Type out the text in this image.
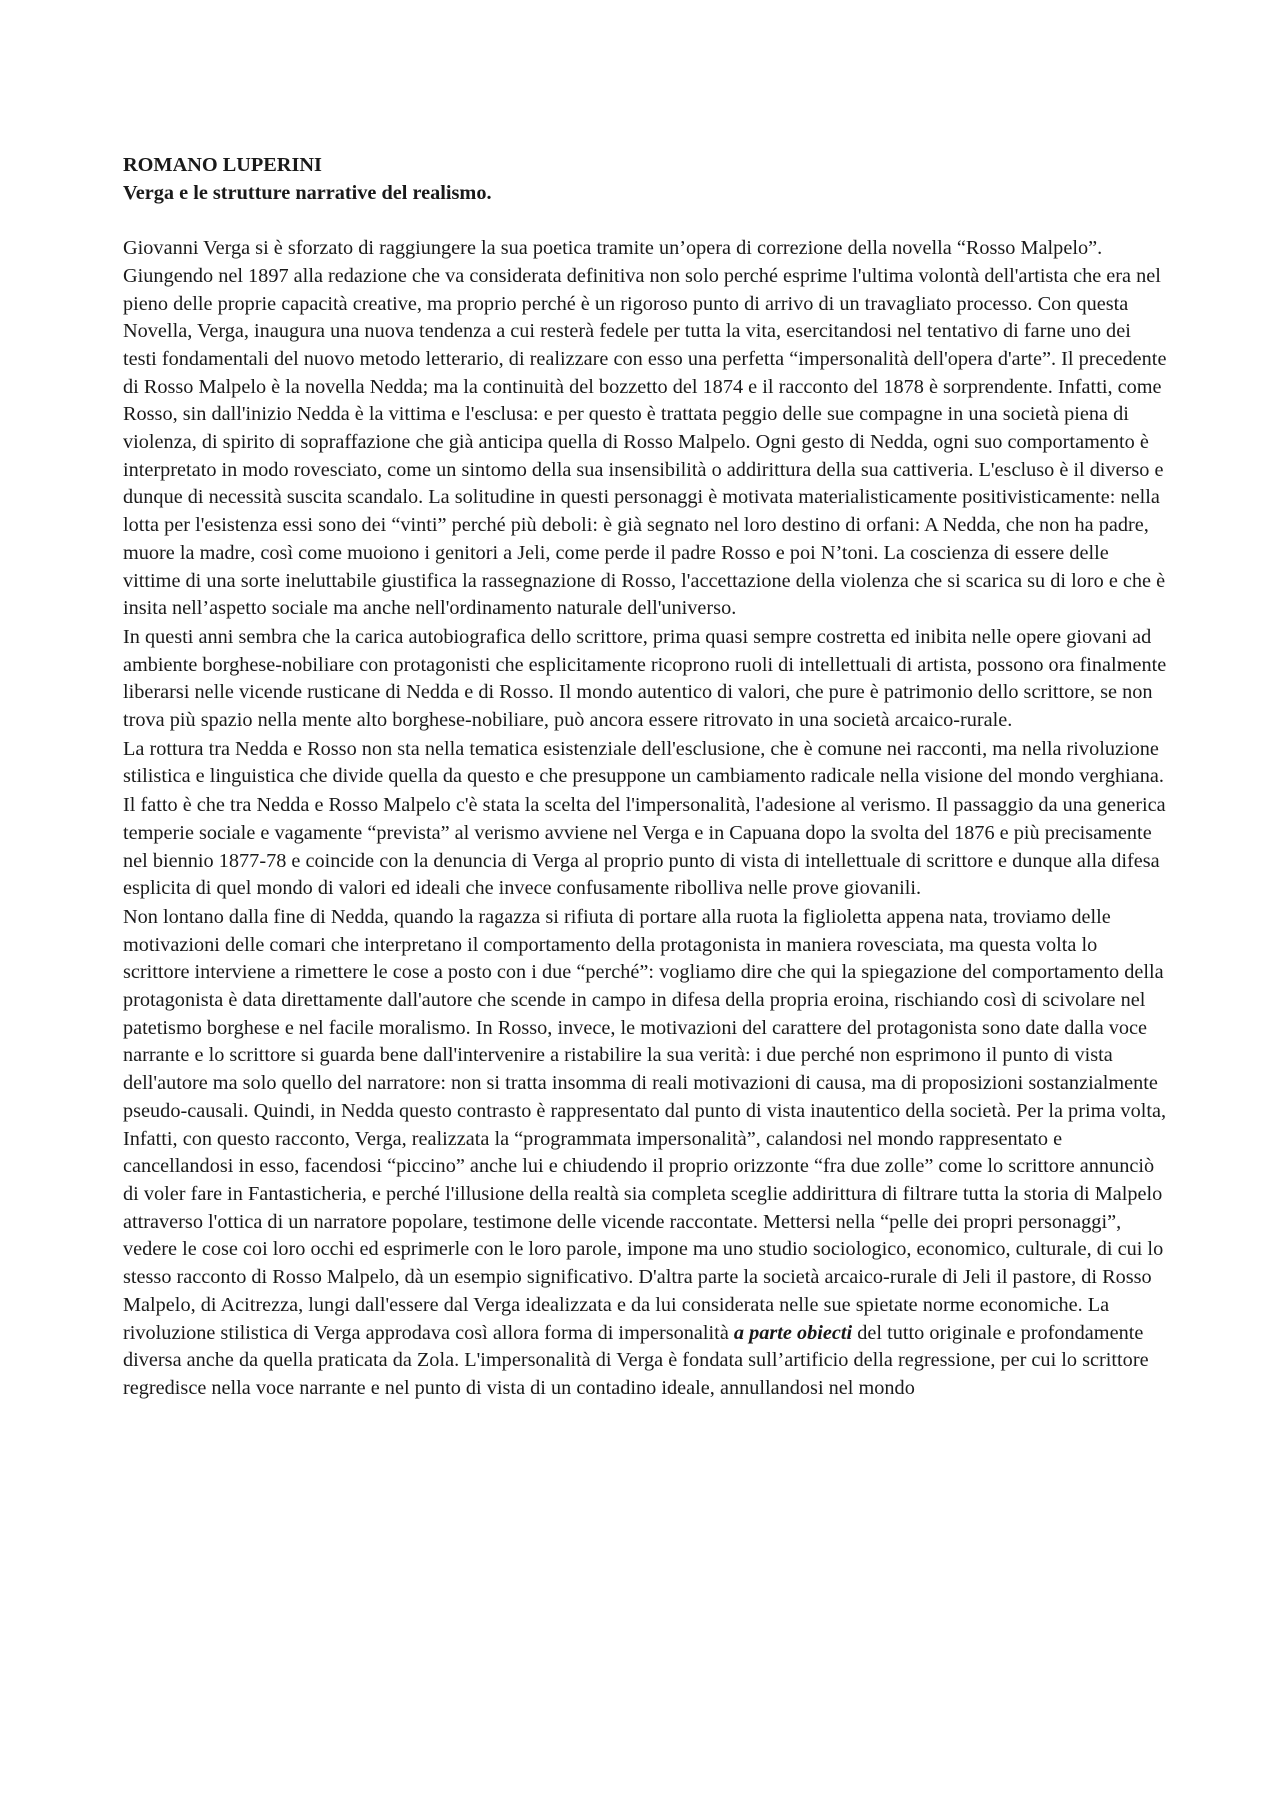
ROMANO LUPERINI

Verga e le strutture narrative del realismo.

Giovanni Verga si è sforzato di raggiungere la sua poetica tramite un’opera di correzione della novella “Rosso Malpelo”. Giungendo nel 1897 alla redazione che va considerata definitiva non solo perché esprime l'ultima volontà dell'artista che era nel pieno delle proprie capacità creative, ma proprio perché è un rigoroso punto di arrivo di un travagliato processo. Con questa Novella, Verga, inaugura una nuova tendenza a cui resterà fedele per tutta la vita, esercitandosi nel tentativo di farne uno dei testi fondamentali del nuovo metodo letterario, di realizzare con esso una perfetta “impersonalità dell'opera d'arte”. Il precedente di Rosso Malpelo è la novella Nedda; ma la continuità del bozzetto del 1874 e il racconto del 1878 è sorprendente. Infatti, come Rosso, sin dall'inizio Nedda è la vittima e l'esclusa: e per questo è trattata peggio delle sue compagne in una società piena di violenza, di spirito di sopraffazione che già anticipa quella di Rosso Malpelo. Ogni gesto di Nedda, ogni suo comportamento è interpretato in modo rovesciato, come un sintomo della sua insensibilità o addirittura della sua cattiveria. L'escluso è il diverso e dunque di necessità suscita scandalo. La solitudine in questi personaggi è motivata materialisticamente positivisticamente: nella lotta per l'esistenza essi sono dei “vinti” perché più deboli: è già segnato nel loro destino di orfani: A Nedda, che non ha padre, muore la madre, così come muoiono i genitori a Jeli, come perde il padre Rosso e poi N’toni. La coscienza di essere delle vittime di una sorte ineluttabile giustifica la rassegnazione di Rosso, l'accettazione della violenza che si scarica su di loro e che è insita nell’aspetto sociale ma anche nell'ordinamento naturale dell'universo.

In questi anni sembra che la carica autobiografica dello scrittore, prima quasi sempre costretta ed inibita nelle opere giovani ad ambiente borghese-nobiliare con protagonisti che esplicitamente ricoprono ruoli di intellettuali di artista, possono ora finalmente liberarsi nelle vicende rusticane di Nedda e di Rosso. Il mondo autentico di valori, che pure è patrimonio dello scrittore, se non trova più spazio nella mente alto borghese-nobiliare, può ancora essere ritrovato in una società arcaico-rurale.

La rottura tra Nedda e Rosso non sta nella tematica esistenziale dell'esclusione, che è comune nei racconti, ma nella rivoluzione stilistica e linguistica che divide quella da questo e che presuppone un cambiamento radicale nella visione del mondo verghiana.

Il fatto è che tra Nedda e Rosso Malpelo c'è stata la scelta del l'impersonalità, l'adesione al verismo. Il passaggio da una generica temperie sociale e vagamente “prevista” al verismo avviene nel Verga e in Capuana dopo la svolta del 1876 e più precisamente nel biennio 1877-78 e coincide con la denuncia di Verga al proprio punto di vista di intellettuale di scrittore e dunque alla difesa esplicita di quel mondo di valori ed ideali che invece confusamente ribolliva nelle prove giovanili.

Non lontano dalla fine di Nedda, quando la ragazza si rifiuta di portare alla ruota la figlioletta appena nata, troviamo delle motivazioni delle comari che interpretano il comportamento della protagonista in maniera rovesciata, ma questa volta lo scrittore interviene a rimettere le cose a posto con i due “perché”: vogliamo dire che qui la spiegazione del comportamento della protagonista è data direttamente dall'autore che scende in campo in difesa della propria eroina, rischiando così di scivolare nel patetismo borghese e nel facile moralismo. In Rosso, invece, le motivazioni del carattere del protagonista sono date dalla voce narrante e lo scrittore si guarda bene dall'intervenire a ristabilire la sua verità: i due perché non esprimono il punto di vista dell'autore ma solo quello del narratore: non si tratta insomma di reali motivazioni di causa, ma di proposizioni sostanzialmente pseudo-causali. Quindi, in Nedda questo contrasto è rappresentato dal punto di vista inautentico della società. Per la prima volta, Infatti, con questo racconto, Verga, realizzata la “programmata impersonalità”, calandosi nel mondo rappresentato e cancellandosi in esso, facendosi “piccino” anche lui e chiudendo il proprio orizzonte “fra due zolle” come lo scrittore annunciò di voler fare in Fantasticheria, e perché l'illusione della realtà sia completa sceglie addirittura di filtrare tutta la storia di Malpelo attraverso l'ottica di un narratore popolare, testimone delle vicende raccontate. Mettersi nella “pelle dei propri personaggi”, vedere le cose coi loro occhi ed esprimerle con le loro parole, impone ma uno studio sociologico, economico, culturale, di cui lo stesso racconto di Rosso Malpelo, dà un esempio significativo. D'altra parte la società arcaico-rurale di Jeli il pastore, di Rosso Malpelo, di Acitrezza, lungi dall'essere dal Verga idealizzata e da lui considerata nelle sue spietate norme economiche. La rivoluzione stilistica di Verga approdava così allora forma di impersonalità a parte obiecti del tutto originale e profondamente diversa anche da quella praticata da Zola. L'impersonalità di Verga è fondata sull’artificio della regressione, per cui lo scrittore regredisce nella voce narrante e nel punto di vista di un contadino ideale, annullandosi nel mondo
